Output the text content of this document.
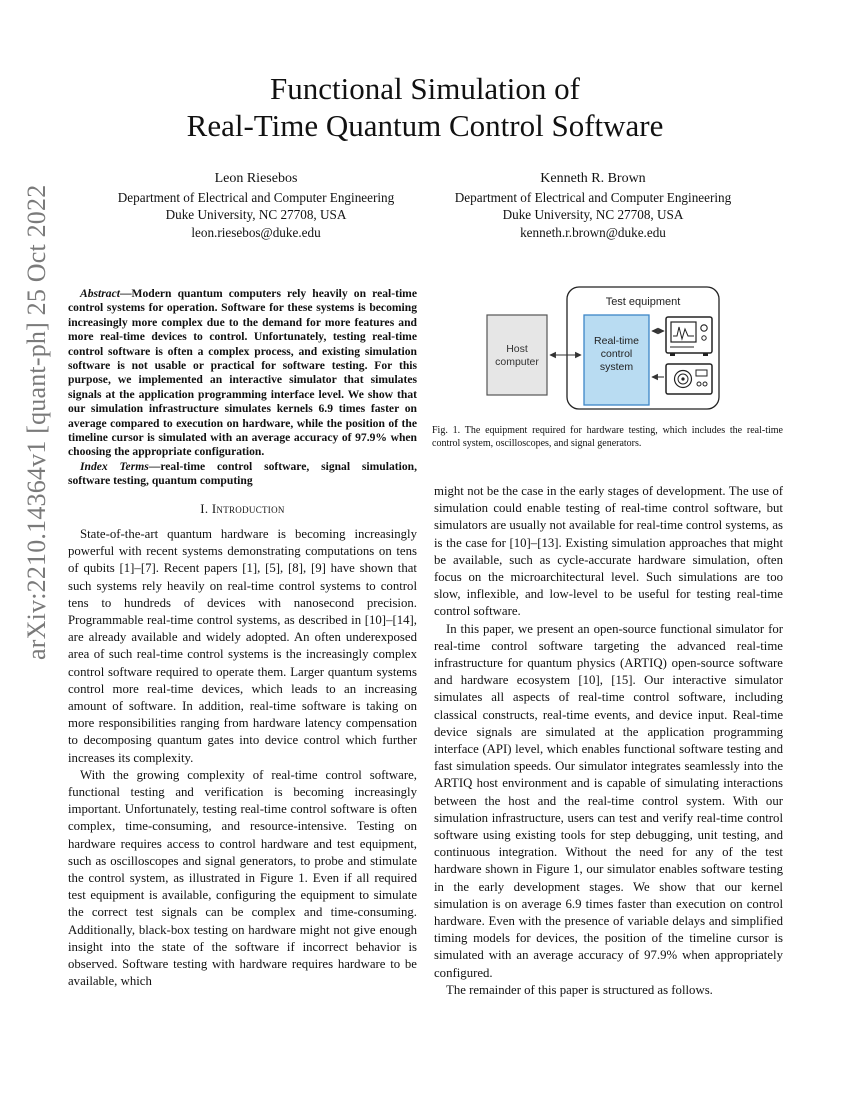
arXiv:2210.14364v1 [quant-ph] 25 Oct 2022
Functional Simulation of
Real-Time Quantum Control Software
Leon Riesebos
Department of Electrical and Computer Engineering
Duke University, NC 27708, USA
leon.riesebos@duke.edu
Kenneth R. Brown
Department of Electrical and Computer Engineering
Duke University, NC 27708, USA
kenneth.r.brown@duke.edu

Abstract—Modern quantum computers rely heavily on real-time control systems for operation. Software for these systems is becoming increasingly more complex due to the demand for more features and more real-time devices to control. Unfortunately, testing real-time control software is often a complex process, and existing simulation software is not usable or practical for software testing. For this purpose, we implemented an interactive simulator that simulates signals at the application programming interface level. We show that our simulation infrastructure simulates kernels 6.9 times faster on average compared to execution on hardware, while the position of the timeline cursor is simulated with an average accuracy of 97.9% when choosing the appropriate configuration.

Index Terms—real-time control software, signal simulation, software testing, quantum computing

I. Introduction

State-of-the-art quantum hardware is becoming increasingly powerful with recent systems demonstrating computations on tens of qubits [1]–[7]. Recent papers [1], [5], [8], [9] have shown that such systems rely heavily on real-time control systems to control tens to hundreds of devices with nanosecond precision. Programmable real-time control systems, as described in [10]–[14], are already available and widely adopted. An often underexposed area of such real-time control systems is the increasingly complex control software required to operate them. Larger quantum systems control more real-time devices, which leads to an increasing amount of software. In addition, real-time software is taking on more responsibilities ranging from hardware latency compensation to decomposing quantum gates into device control which further increases its complexity.

With the growing complexity of real-time control software, functional testing and verification is becoming increasingly important. Unfortunately, testing real-time control software is often complex, time-consuming, and resource-intensive. Testing on hardware requires access to control hardware and test equipment, such as oscilloscopes and signal generators, to probe and stimulate the control system, as illustrated in Figure 1. Even if all required test equipment is available, configuring the equipment to simulate the correct test signals can be complex and time-consuming. Additionally, black-box testing on hardware might not give enough insight into the state of the software if incorrect behavior is observed. Software testing with hardware requires hardware to be available, which

might not be the case in the early stages of development. The use of simulation could enable testing of real-time control software, but simulators are usually not available for real-time control systems, as is the case for [10]–[13]. Existing simulation approaches that might be available, such as cycle-accurate hardware simulation, often focus on the microarchitectural level. Such simulations are too slow, inflexible, and low-level to be useful for testing real-time control software.

In this paper, we present an open-source functional simulator for real-time control software targeting the advanced real-time infrastructure for quantum physics (ARTIQ) open-source software and hardware ecosystem [10], [15]. Our interactive simulator simulates all aspects of real-time control software, including classical constructs, real-time events, and device input. Real-time device signals are simulated at the application programming interface (API) level, which enables functional software testing and fast simulation speeds. Our simulator integrates seamlessly into the ARTIQ host environment and is capable of simulating interactions between the host and the real-time control system. With our simulation infrastructure, users can test and verify real-time control software using existing tools for step debugging, unit testing, and continuous integration. Without the need for any of the test hardware shown in Figure 1, our simulator enables software testing in the early development stages. We show that our kernel simulation is on average 6.9 times faster than execution on control hardware. Even with the presence of variable delays and simplified timing models for devices, the position of the timeline cursor is simulated with an average accuracy of 97.9% when appropriately configured.

The remainder of this paper is structured as follows.

Test equipment
Host
computer
Real-time
control
system
Fig. 1. The equipment required for hardware testing, which includes the real-time control system, oscilloscopes, and signal generators.
